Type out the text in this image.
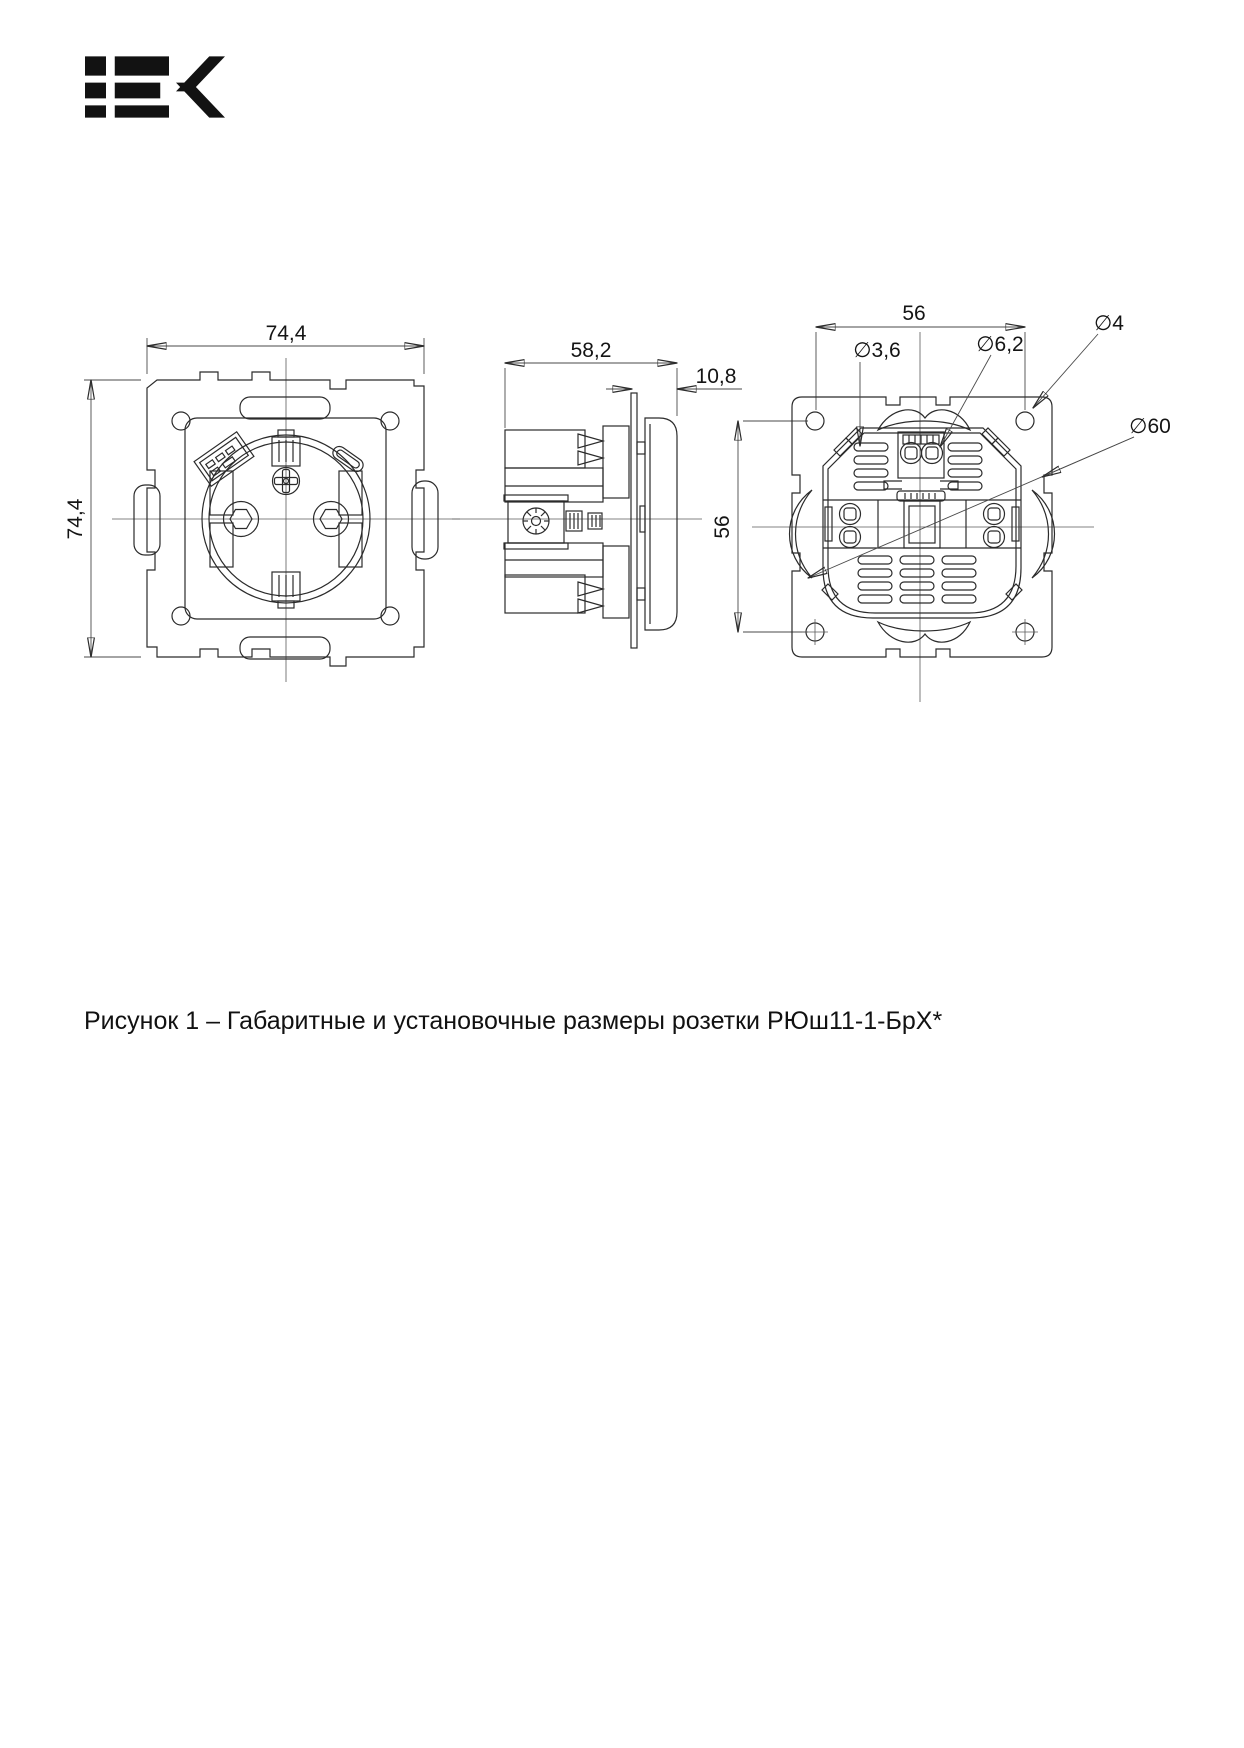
74,4
74,4
58,2
10,8
56
56
∅3,6	∅6,2
∅4
∅60

Рисунок 1 – Габаритные и установочные размеры розетки РЮш11-1-БрХ*
